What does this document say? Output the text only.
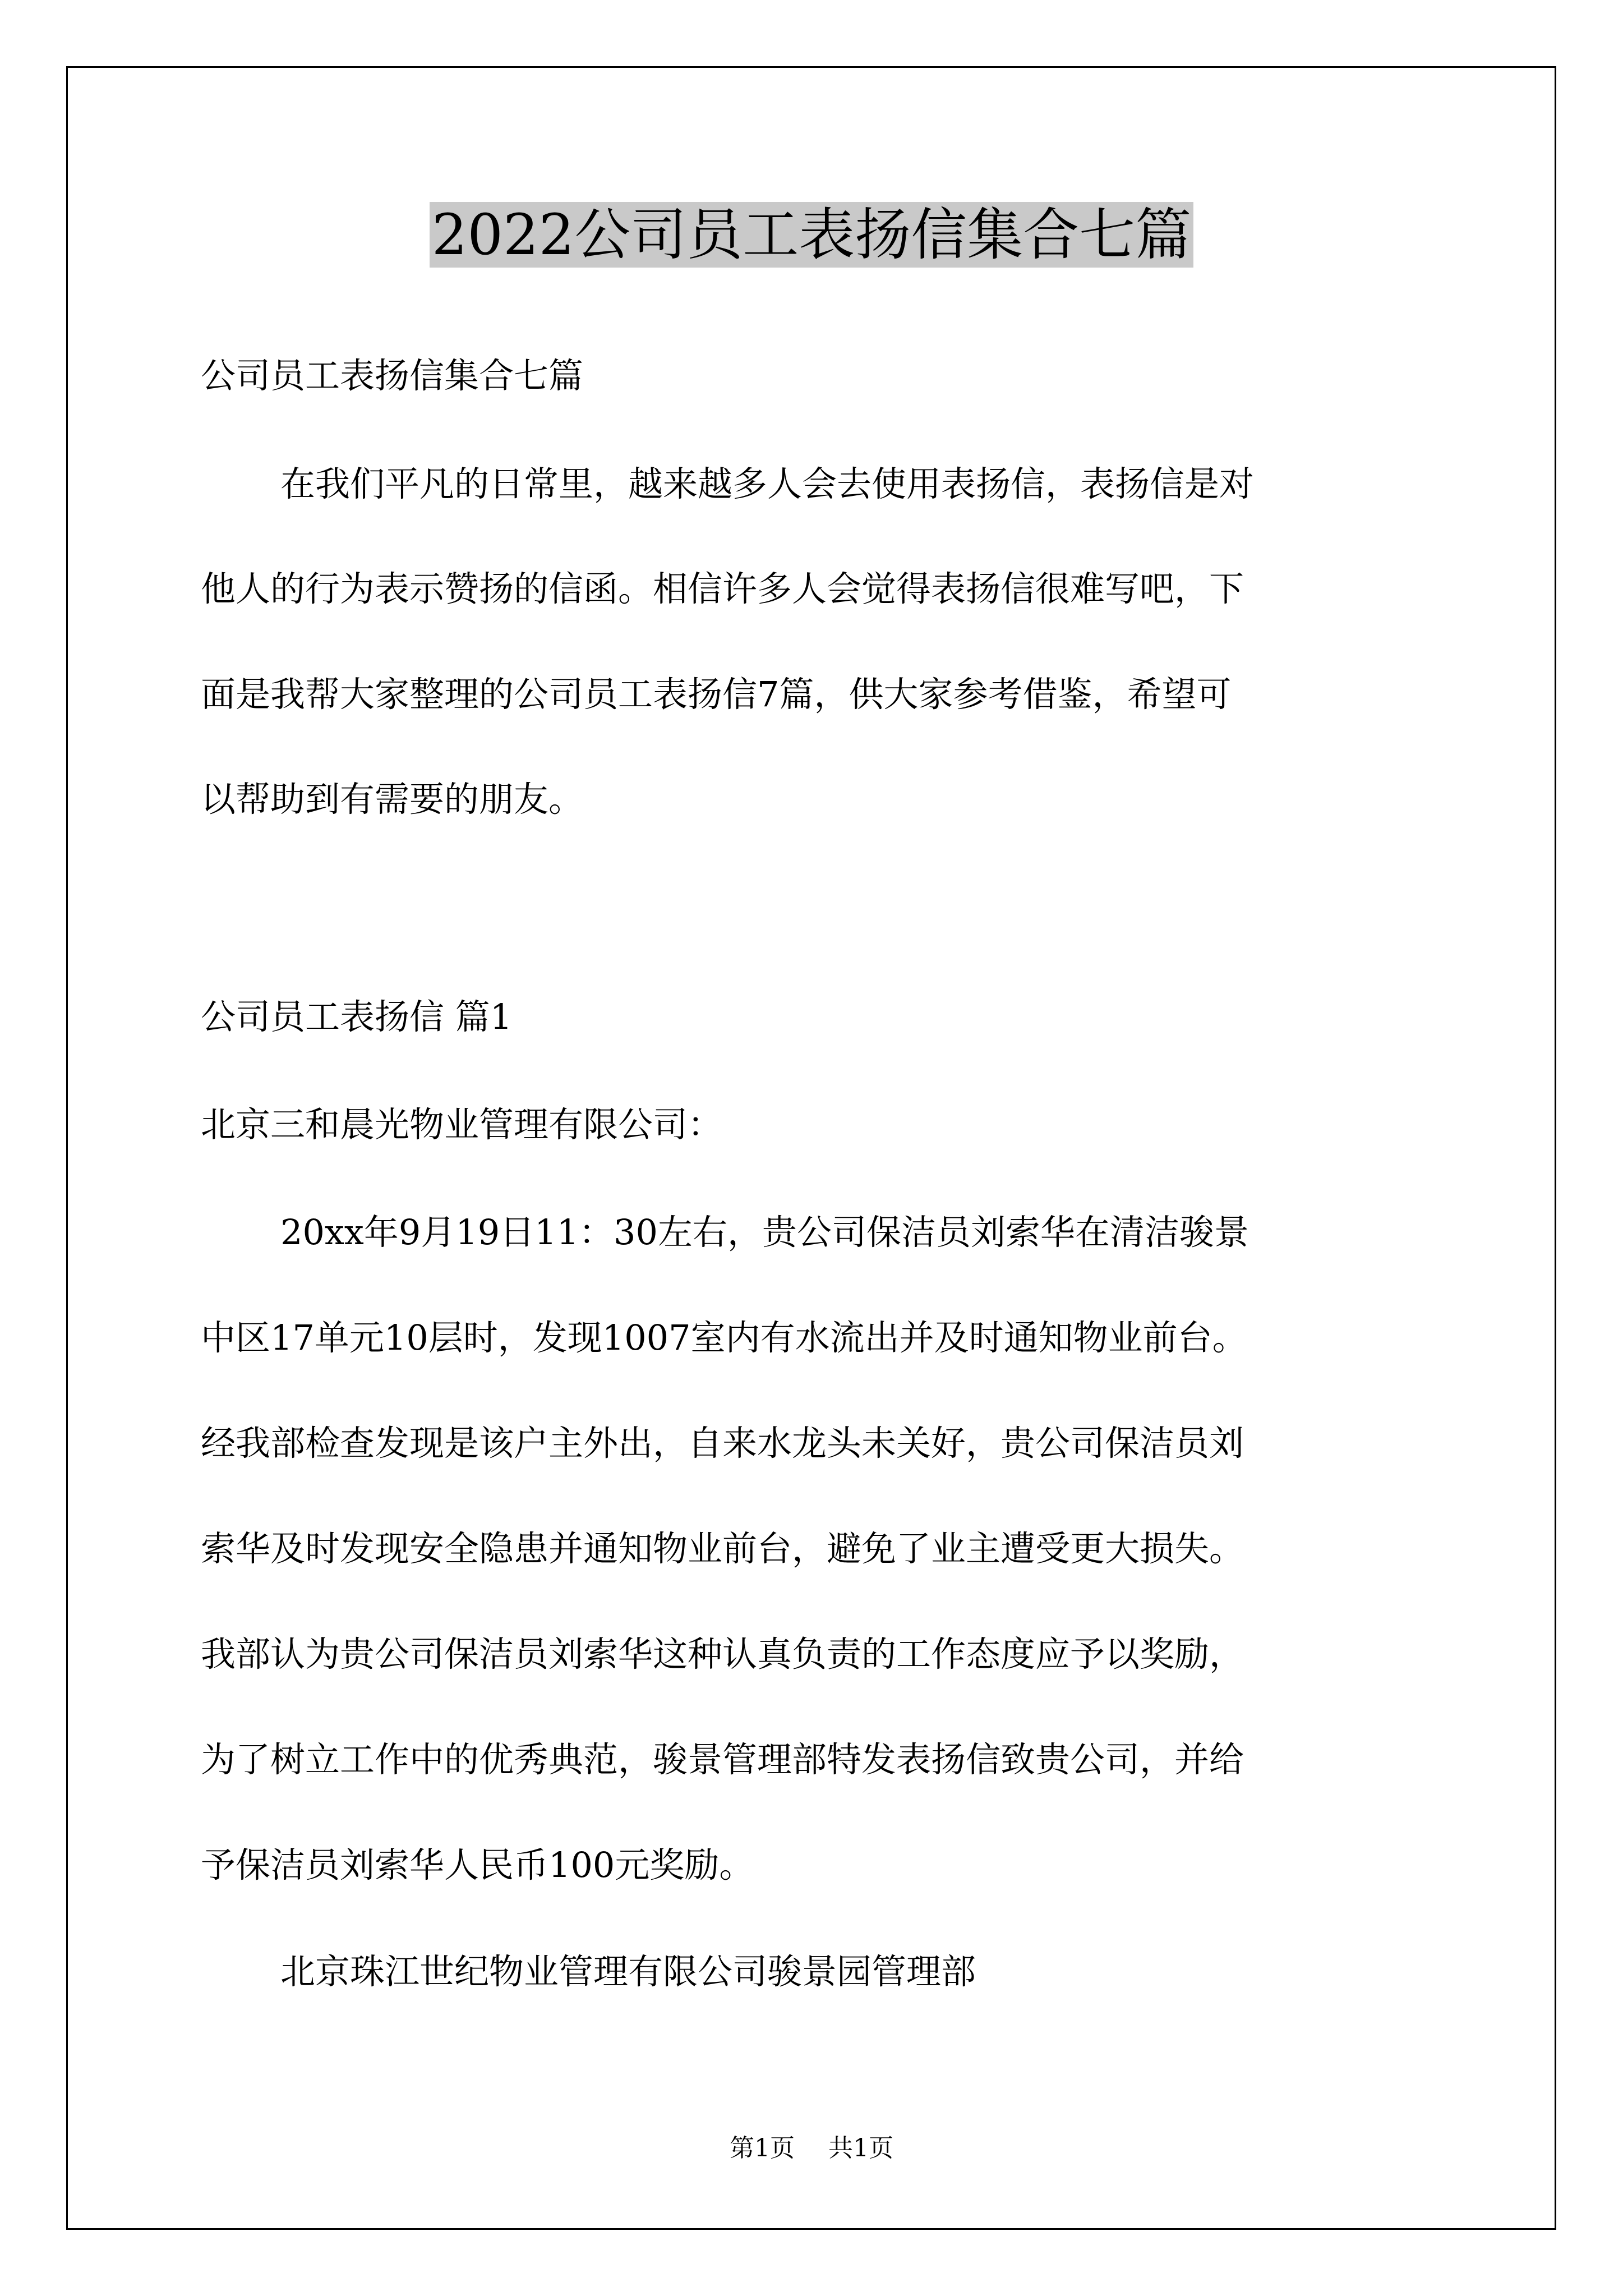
2022公司员工表扬信集合七篇

公司员工表扬信集合七篇

在我们平凡的日常里，越来越多人会去使用表扬信，表扬信是对

他人的行为表示赞扬的信函。相信许多人会觉得表扬信很难写吧，下

面是我帮大家整理的公司员工表扬信7篇，供大家参考借鉴，希望可

以帮助到有需要的朋友。

公司员工表扬信 篇1

北京三和晨光物业管理有限公司：

20xx年9月19日11：30左右，贵公司保洁员刘索华在清洁骏景

中区17单元10层时，发现1007室内有水流出并及时通知物业前台。

经我部检查发现是该户主外出，自来水龙头未关好，贵公司保洁员刘

索华及时发现安全隐患并通知物业前台，避免了业主遭受更大损失。

我部认为贵公司保洁员刘索华这种认真负责的工作态度应予以奖励，

为了树立工作中的优秀典范，骏景管理部特发表扬信致贵公司，并给

予保洁员刘索华人民币100元奖励。

北京珠江世纪物业管理有限公司骏景园管理部

第1页 共1页
